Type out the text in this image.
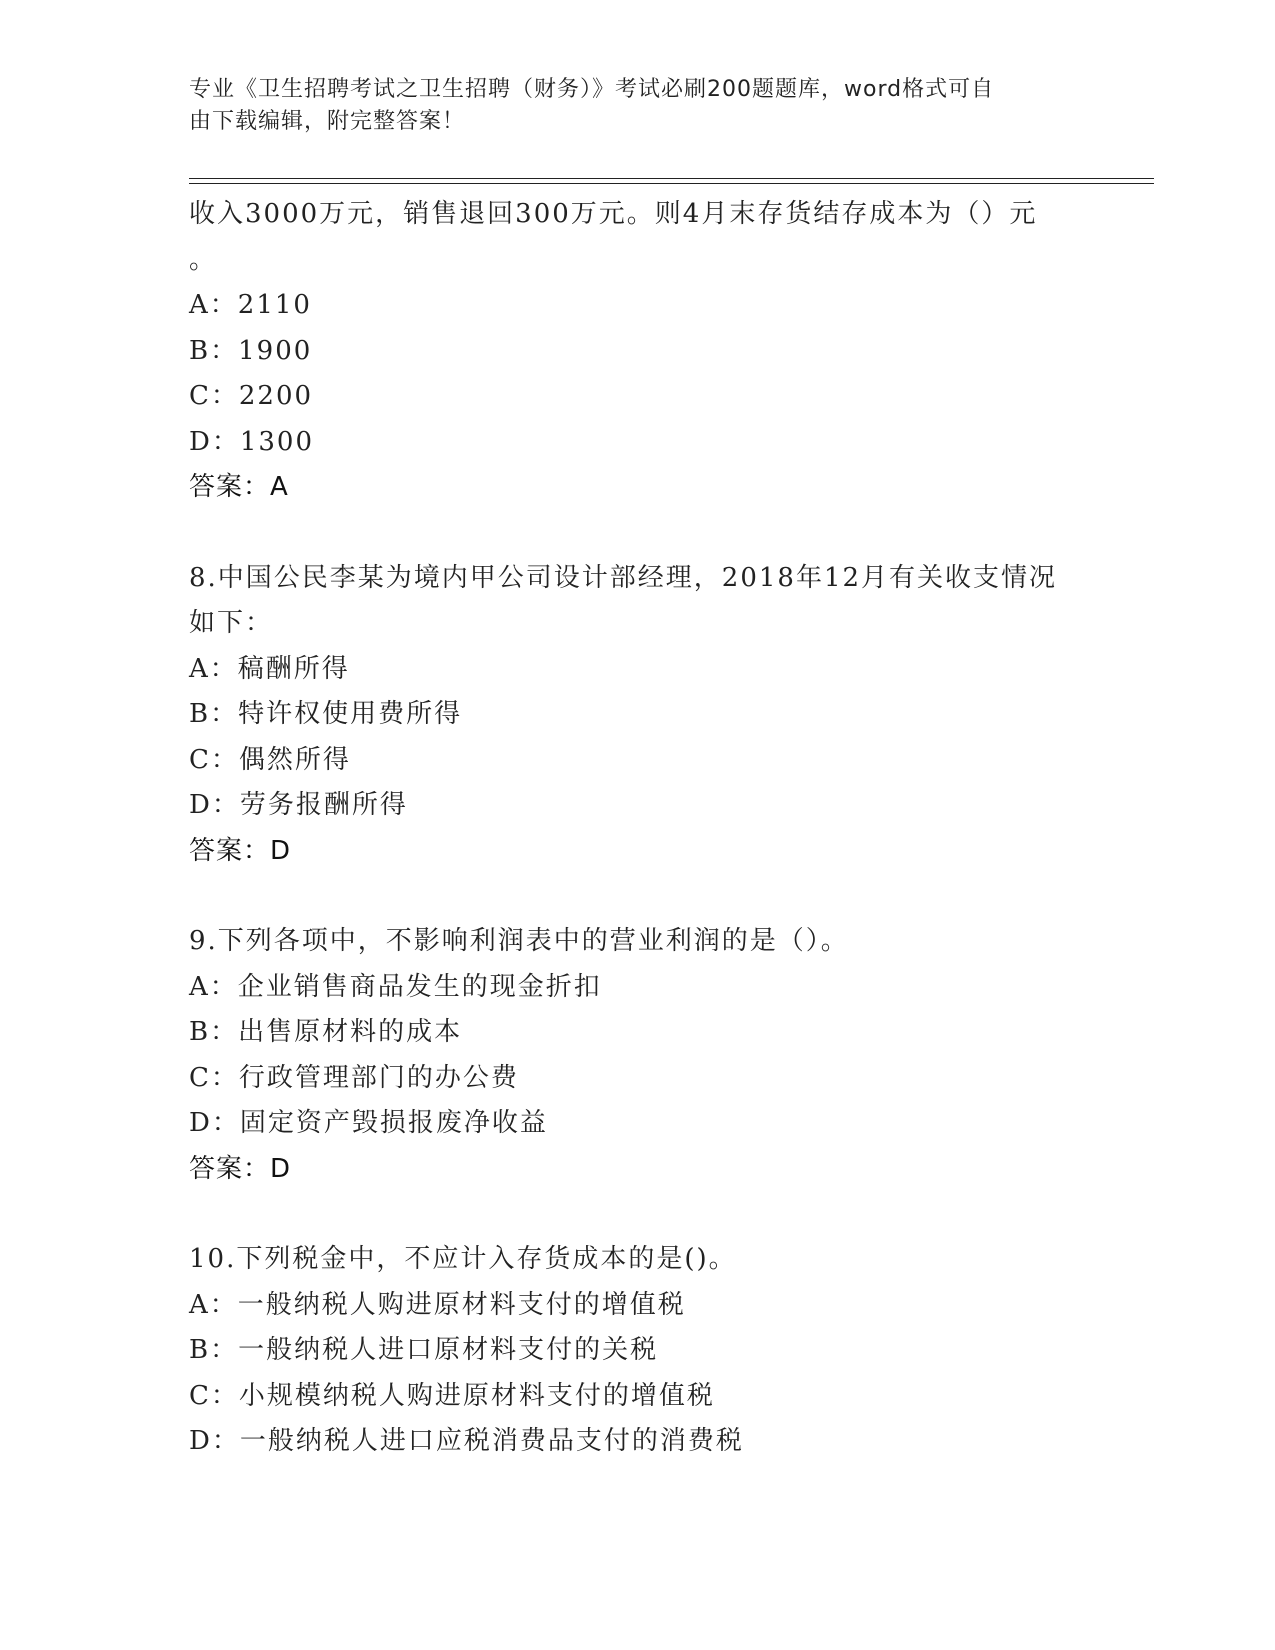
专业《卫生招聘考试之卫生招聘（财务）》考试必刷200题题库，word格式可自

由下载编辑，附完整答案！

收入3000万元，销售退回300万元。则4月末存货结存成本为（）元
。
A：2110
B：1900
C：2200
D：1300
答案：A
8.中国公民李某为境内甲公司设计部经理，2018年12月有关收支情况
如下：
A：稿酬所得
B：特许权使用费所得
C：偶然所得
D：劳务报酬所得
答案：D
9.下列各项中，不影响利润表中的营业利润的是（）。
A：企业销售商品发生的现金折扣
B：出售原材料的成本
C：行政管理部门的办公费
D：固定资产毁损报废净收益
答案：D
10.下列税金中，不应计入存货成本的是()。
A：一般纳税人购进原材料支付的增值税
B：一般纳税人进口原材料支付的关税
C：小规模纳税人购进原材料支付的增值税
D：一般纳税人进口应税消费品支付的消费税
